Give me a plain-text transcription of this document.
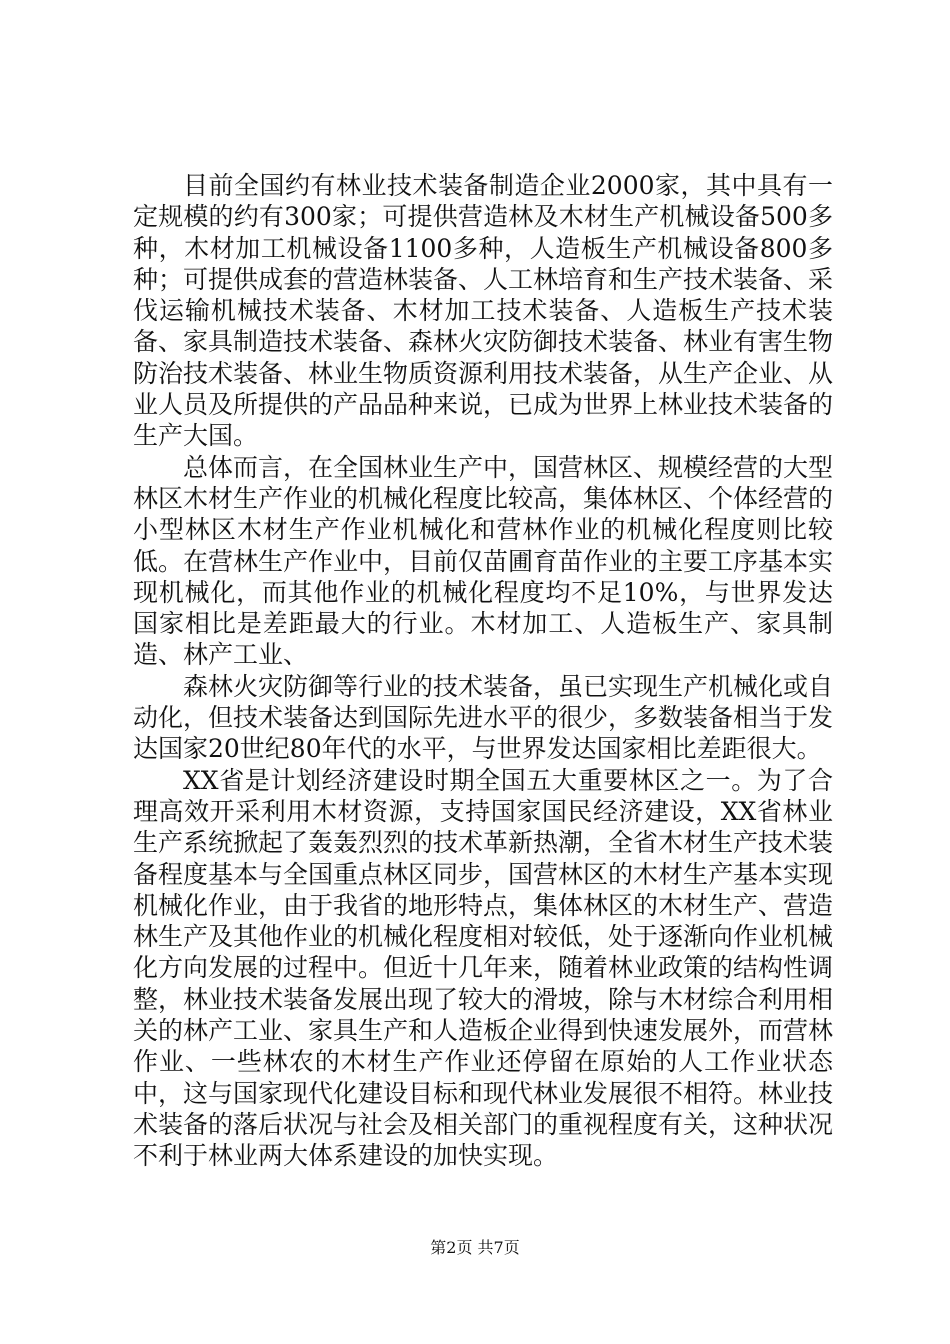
目前全国约有林业技术装备制造企业2000家，其中具有一定规模的约有300家；可提供营造林及木材生产机械设备500多种，木材加工机械设备1100多种，人造板生产机械设备800多种；可提供成套的营造林装备、人工林培育和生产技术装备、采伐运输机械技术装备、木材加工技术装备、人造板生产技术装备、家具制造技术装备、森林火灾防御技术装备、林业有害生物防治技术装备、林业生物质资源利用技术装备，从生产企业、从业人员及所提供的产品品种来说，已成为世界上林业技术装备的生产大国。

总体而言，在全国林业生产中，国营林区、规模经营的大型林区木材生产作业的机械化程度比较高，集体林区、个体经营的小型林区木材生产作业机械化和营林作业的机械化程度则比较低。在营林生产作业中，目前仅苗圃育苗作业的主要工序基本实现机械化，而其他作业的机械化程度均不足10%，与世界发达国家相比是差距最大的行业。木材加工、人造板生产、家具制造、林产工业、

森林火灾防御等行业的技术装备，虽已实现生产机械化或自动化，但技术装备达到国际先进水平的很少，多数装备相当于发达国家20世纪80年代的水平，与世界发达国家相比差距很大。

XX省是计划经济建设时期全国五大重要林区之一。为了合理高效开采利用木材资源，支持国家国民经济建设，XX省林业生产系统掀起了轰轰烈烈的技术革新热潮，全省木材生产技术装备程度基本与全国重点林区同步，国营林区的木材生产基本实现机械化作业，由于我省的地形特点，集体林区的木材生产、营造林生产及其他作业的机械化程度相对较低，处于逐渐向作业机械化方向发展的过程中。但近十几年来，随着林业政策的结构性调整，林业技术装备发展出现了较大的滑坡，除与木材综合利用相关的林产工业、家具生产和人造板企业得到快速发展外，而营林作业、一些林农的木材生产作业还停留在原始的人工作业状态中，这与国家现代化建设目标和现代林业发展很不相符。林业技术装备的落后状况与社会及相关部门的重视程度有关，这种状况不利于林业两大体系建设的加快实现。

第2页 共7页
